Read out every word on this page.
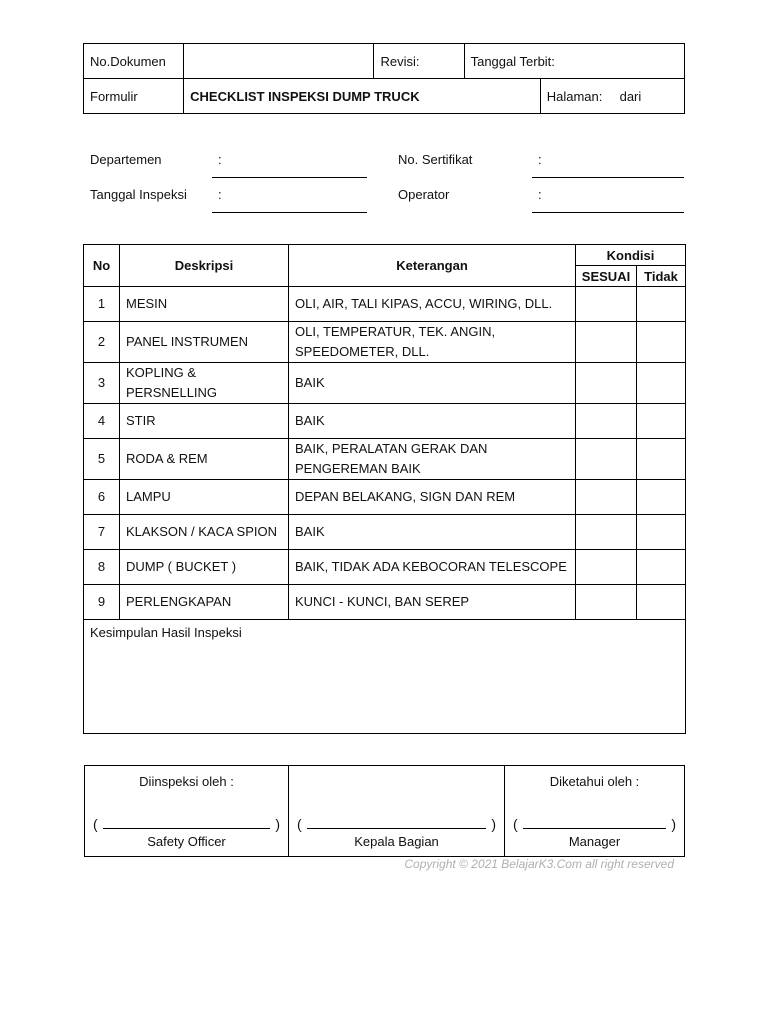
No.Dokumen		Revisi:	Tanggal Terbit:	
Formulir	CHECKLIST INSPEKSI DUMP TRUCK			Halaman: dari
Departemen	:
Tanggal Inspeksi :
No. Sertifikat	:
Operator	:
No	Deskripsi	Keterangan	Kondisi	
			SESUAI	Tidak
1	MESIN	OLI, AIR, TALI KIPAS, ACCU, WIRING, DLL.		
2	PANEL INSTRUMEN	OLI, TEMPERATUR, TEK. ANGIN, SPEEDOMETER, DLL.		
3	KOPLING & PERSNELLING	BAIK		
4	STIR	BAIK		
5	RODA & REM	BAIK, PERALATAN GERAK DAN PENGEREMAN BAIK		
6	LAMPU	DEPAN BELAKANG, SIGN DAN REM		
7	KLAKSON / KACA SPION	BAIK		
8	DUMP ( BUCKET )	BAIK, TIDAK ADA KEBOCORAN TELESCOPE		
9	PERLENGKAPAN	KUNCI - KUNCI, BAN SEREP		
Kesimpulan Hasil Inspeksi				
Diinspeksi oleh :
(	)
Safety Officer

(	)
Kepala Bagian

Diketahui oleh :
(	)
Manager
Copyright © 2021 BelajarK3.Com all right reserved
